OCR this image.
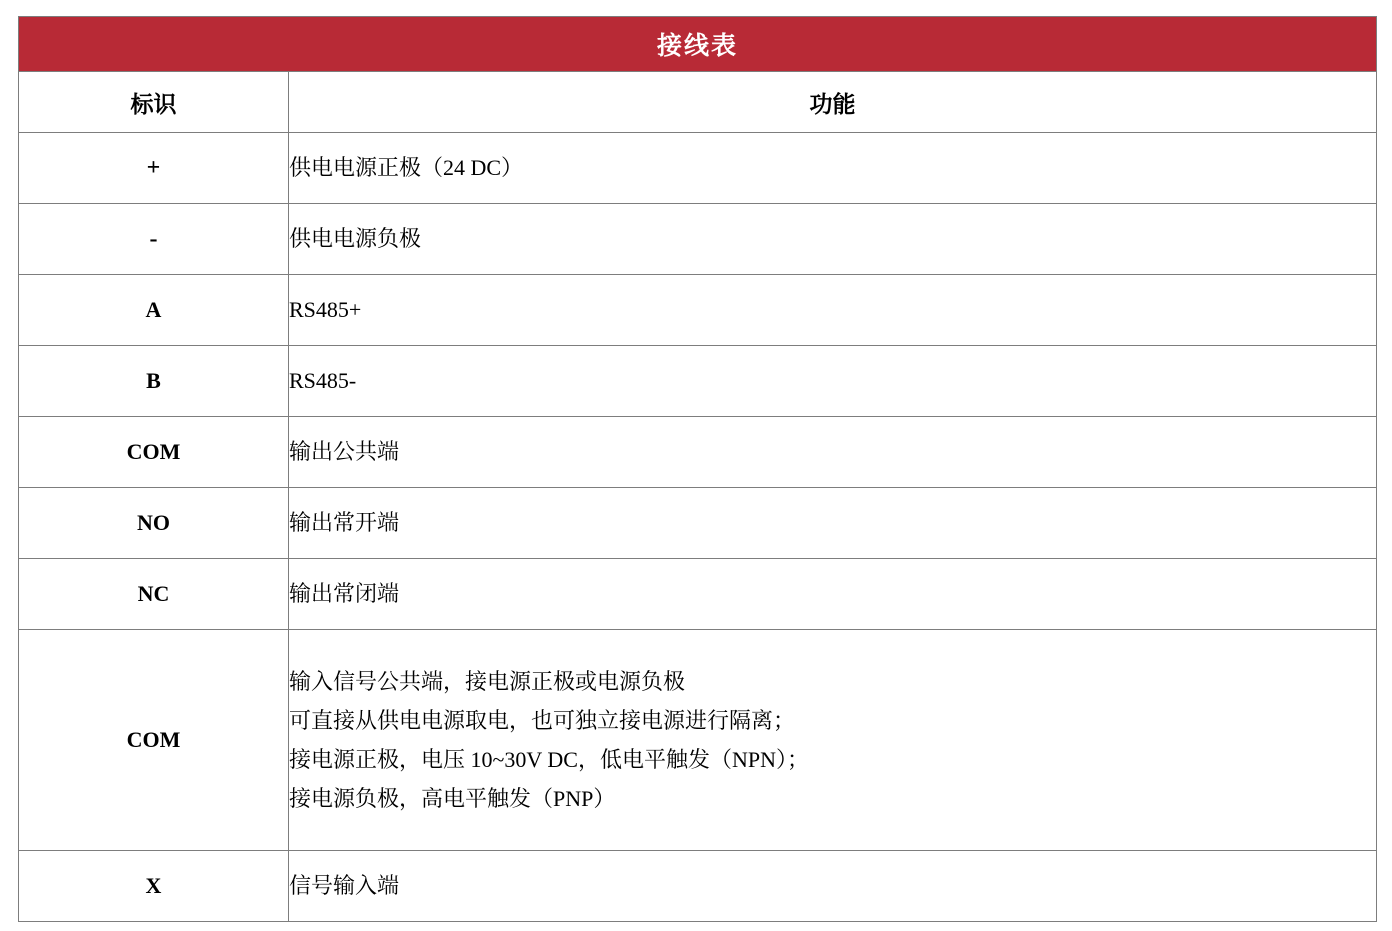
接线表	
标识	功能
+	供电电源正极（24 DC）

-	供电电源负极

A	RS485+

B	RS485-

COM	输出公共端

NO	输出常开端

NC	输出常闭端

COM	输入信号公共端，接电源正极或电源负极
可直接从供电电源取电，也可独立接电源进行隔离；
接电源正极，电压 10~30V DC，低电平触发（NPN）；
接电源负极，高电平触发（PNP）

X	信号输入端
